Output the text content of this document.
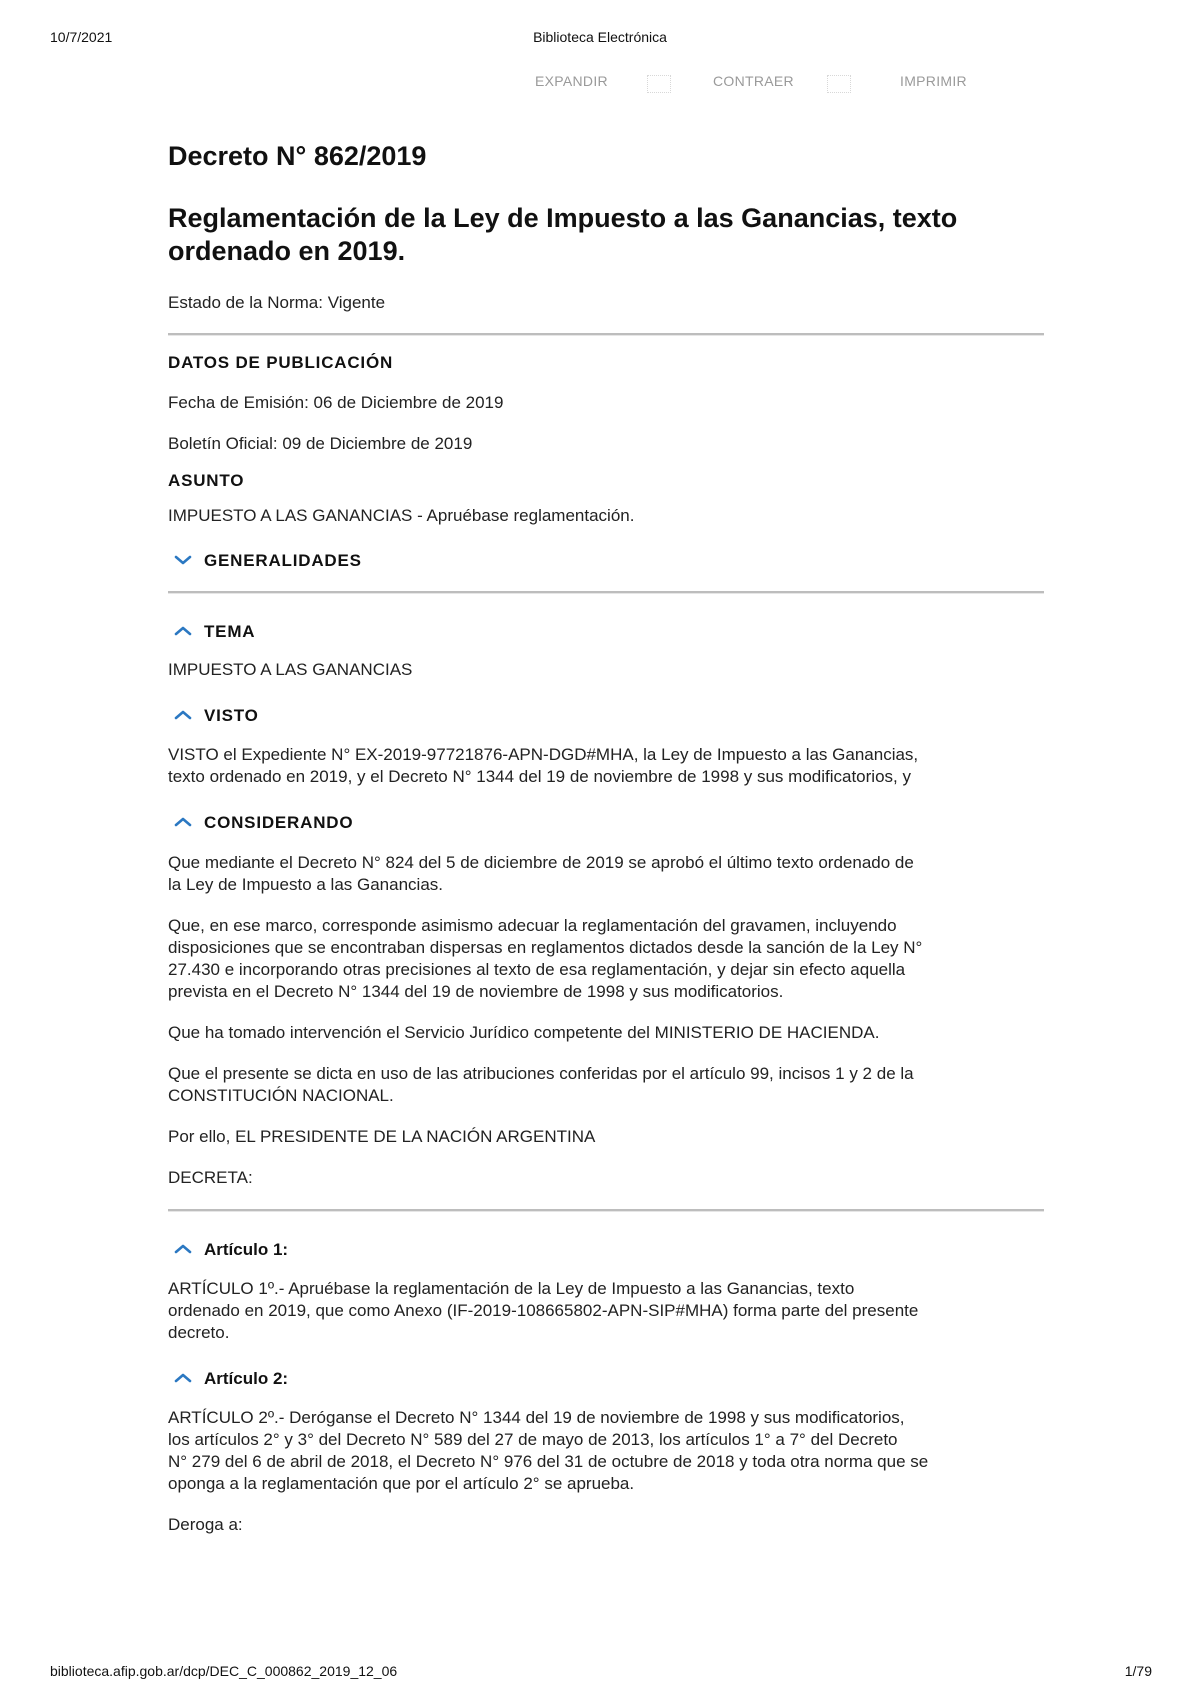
10/7/2021	Biblioteca Electrónica
EXPANDIR	CONTRAER	IMPRIMIR
Decreto N° 862/2019
Reglamentación de la Ley de Impuesto a las Ganancias, texto ordenado en 2019.

Estado de la Norma: Vigente

DATOS DE PUBLICACIÓN

Fecha de Emisión: 06 de Diciembre de 2019

Boletín Oficial: 09 de Diciembre de 2019

ASUNTO

IMPUESTO A LAS GANANCIAS - Apruébase reglamentación.

GENERALIDADES
TEMA

IMPUESTO A LAS GANANCIAS

VISTO

VISTO el Expediente N° EX-2019-97721876-APN-DGD#MHA, la Ley de Impuesto a las Ganancias,
texto ordenado en 2019, y el Decreto N° 1344 del 19 de noviembre de 1998 y sus modificatorios, y

CONSIDERANDO

Que mediante el Decreto N° 824 del 5 de diciembre de 2019 se aprobó el último texto ordenado de
la Ley de Impuesto a las Ganancias.

Que, en ese marco, corresponde asimismo adecuar la reglamentación del gravamen, incluyendo
disposiciones que se encontraban dispersas en reglamentos dictados desde la sanción de la Ley N°
27.430 e incorporando otras precisiones al texto de esa reglamentación, y dejar sin efecto aquella
prevista en el Decreto N° 1344 del 19 de noviembre de 1998 y sus modificatorios.

Que ha tomado intervención el Servicio Jurídico competente del MINISTERIO DE HACIENDA.

Que el presente se dicta en uso de las atribuciones conferidas por el artículo 99, incisos 1 y 2 de la
CONSTITUCIÓN NACIONAL.

Por ello, EL PRESIDENTE DE LA NACIÓN ARGENTINA

DECRETA:

Artículo 1:

ARTÍCULO 1º.- Apruébase la reglamentación de la Ley de Impuesto a las Ganancias, texto
ordenado en 2019, que como Anexo (IF-2019-108665802-APN-SIP#MHA) forma parte del presente
decreto.

Artículo 2:

ARTÍCULO 2º.- Deróganse el Decreto N° 1344 del 19 de noviembre de 1998 y sus modificatorios,
los artículos 2° y 3° del Decreto N° 589 del 27 de mayo de 2013, los artículos 1° a 7° del Decreto
N° 279 del 6 de abril de 2018, el Decreto N° 976 del 31 de octubre de 2018 y toda otra norma que se
oponga a la reglamentación que por el artículo 2° se aprueba.

Deroga a:

biblioteca.afip.gob.ar/dcp/DEC_C_000862_2019_12_06	1/79
